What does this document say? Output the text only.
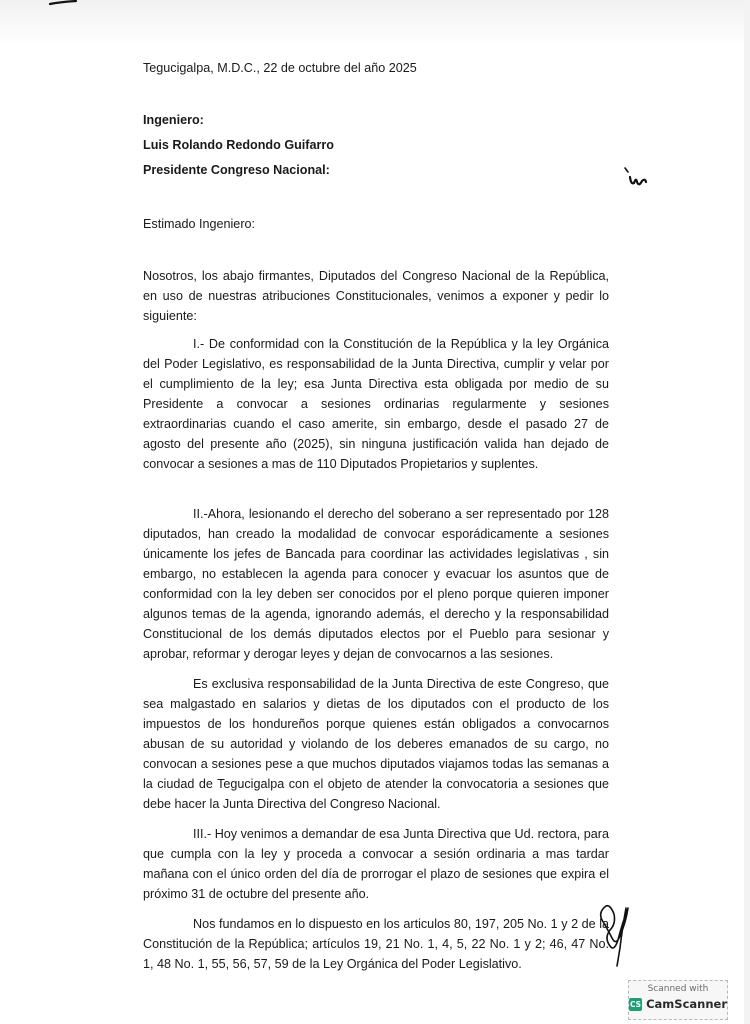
Tegucigalpa, M.D.C., 22 de octubre del año 2025
Ingeniero:
Luis Rolando Redondo Guifarro
Presidente Congreso Nacional:
Estimado Ingeniero:
Nosotros, los abajo firmantes, Diputados del Congreso Nacional de la República, en uso de nuestras atribuciones Constitucionales, venimos a exponer y pedir lo siguiente:
I.- De conformidad con la Constitución de la República y la ley Orgánica del Poder Legislativo, es responsabilidad de la Junta Directiva, cumplir y velar por el cumplimiento de la ley; esa Junta Directiva esta obligada por medio de su Presidente a convocar a sesiones ordinarias regularmente y sesiones extraordinarias cuando el caso amerite, sin embargo, desde el pasado 27 de agosto del presente año (2025), sin ninguna justificación valida han dejado de convocar a sesiones a mas de 110 Diputados Propietarios y suplentes.
II.-Ahora, lesionando el derecho del soberano a ser representado por 128 diputados, han creado la modalidad de convocar esporádicamente a sesiones únicamente los jefes de Bancada para coordinar las actividades legislativas , sin embargo, no establecen la agenda para conocer y evacuar los asuntos que de conformidad con la ley deben ser conocidos por el pleno porque quieren imponer algunos temas de la agenda, ignorando además, el derecho y la responsabilidad Constitucional de los demás diputados electos por el Pueblo para sesionar y aprobar, reformar y derogar leyes y dejan de convocarnos a las sesiones.
Es exclusiva responsabilidad de la Junta Directiva de este Congreso, que sea malgastado en salarios y dietas de los diputados con el producto de los impuestos de los hondureños porque quienes están obligados a convocarnos abusan de su autoridad y violando de los deberes emanados de su cargo, no convocan a sesiones pese a que muchos diputados viajamos todas las semanas a la ciudad de Tegucigalpa con el objeto de atender la convocatoria a sesiones que debe hacer la Junta Directiva del Congreso Nacional.
III.- Hoy venimos a demandar de esa Junta Directiva que Ud. rectora, para que cumpla con la ley y proceda a convocar a sesión ordinaria a mas tardar mañana con el único orden del día de prorrogar el plazo de sesiones que expira el próximo 31 de octubre del presente año.
Nos fundamos en lo dispuesto en los articulos 80, 197, 205 No. 1 y 2 de la Constitución de la República; artículos 19, 21 No. 1, 4, 5, 22 No. 1 y 2; 46, 47 No. 1, 48 No. 1, 55, 56, 57, 59 de la Ley Orgánica del Poder Legislativo.
Scanned with
CS CamScanner
